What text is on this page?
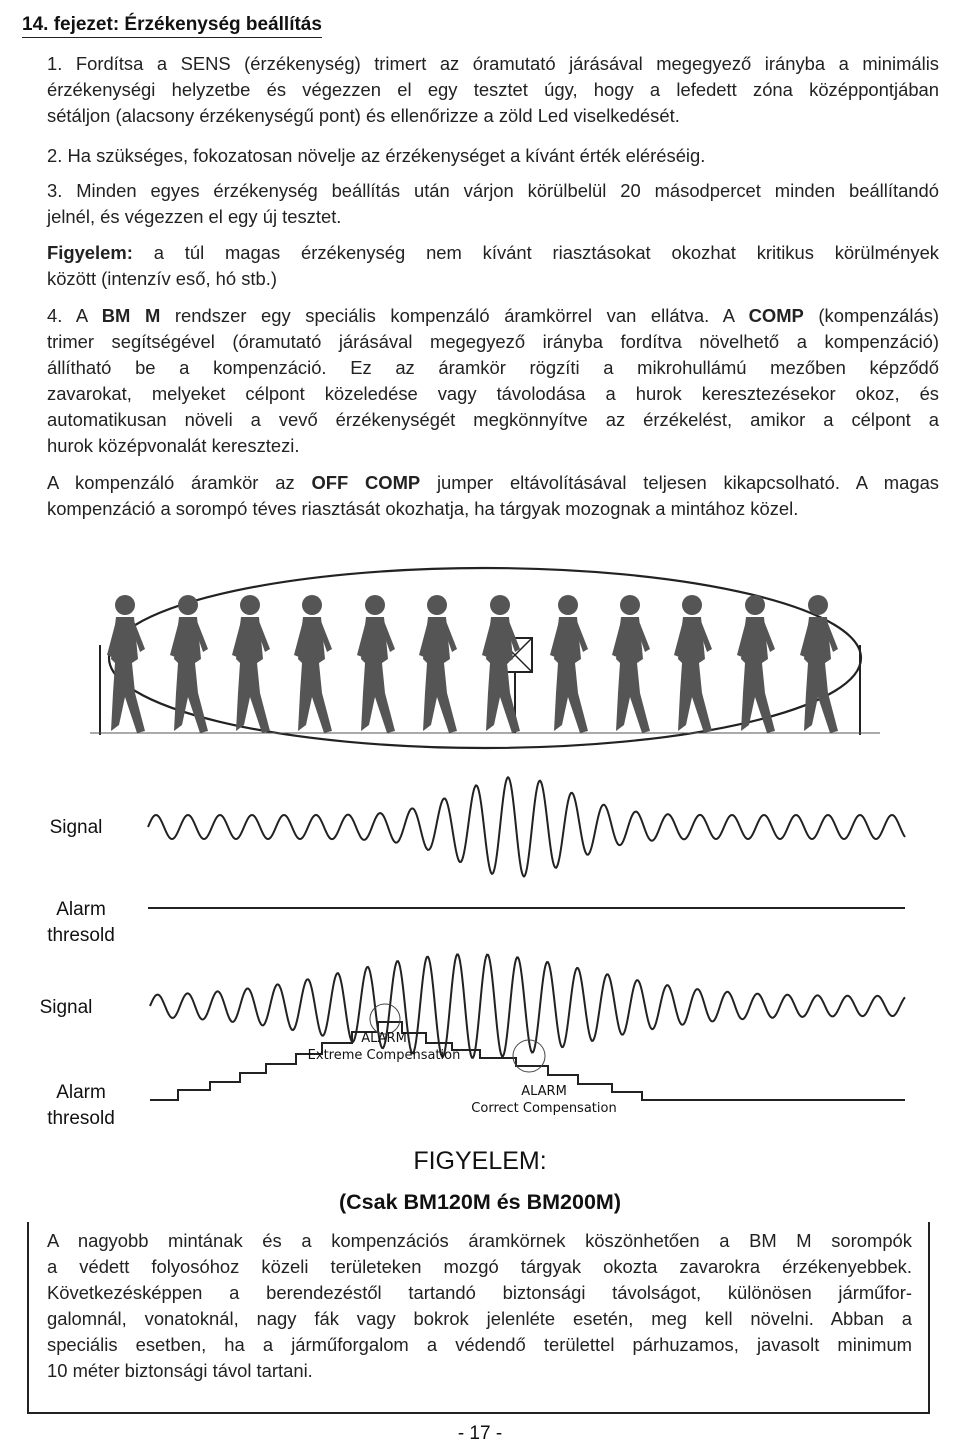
14. fejezet: Érzékenység beállítás
1. Fordítsa a SENS (érzékenység) trimert az óramutató járásával megegyező irányba a minimális
érzékenységi helyzetbe és végezzen el egy tesztet úgy, hogy a lefedett zóna középpontjában
sétáljon (alacsony érzékenységű pont) és ellenőrizze a zöld Led viselkedését.
2. Ha szükséges, fokozatosan növelje az érzékenységet a kívánt érték eléréséig.
3. Minden egyes érzékenység beállítás után várjon körülbelül 20 másodpercet minden beállítandó
jelnél, és végezzen el egy új tesztet.
Figyelem: a túl magas érzékenység nem kívánt riasztásokat okozhat kritikus körülmények
között (intenzív eső, hó stb.)
4. A BM M rendszer egy speciális kompenzáló áramkörrel van ellátva. A COMP (kompenzálás)
trimer segítségével (óramutató járásával megegyező irányba fordítva növelhető a kompenzáció)
állítható be a kompenzáció. Ez az áramkör rögzíti a mikrohullámú mezőben képződő
zavarokat, melyeket célpont közeledése vagy távolodása a hurok keresztezésekor okoz, és
automatikusan növeli a vevő érzékenységét megkönnyítve az érzékelést, amikor a célpont a
hurok középvonalát keresztezi.
A kompenzáló áramkör az OFF COMP jumper eltávolításával teljesen kikapcsolható. A magas
kompenzáció a sorompó téves riasztását okozhatja, ha tárgyak mozognak a mintához közel.
Signal
Alarm
thresold
Signal
Alarm
thresold
ALARM
Extreme Compensation
ALARM
Correct Compensation
FIGYELEM:
(Csak BM120M és BM200M)
A nagyobb mintának és a kompenzációs áramkörnek köszönhetően a BM M sorompók
a védett folyosóhoz közeli területeken mozgó tárgyak okozta zavarokra érzékenyebbek.
Következésképpen a berendezéstől tartandó biztonsági távolságot, különösen járműfor-
galomnál, vonatoknál, nagy fák vagy bokrok jelenléte esetén, meg kell növelni. Abban a
speciális esetben, ha a járműforgalom a védendő területtel párhuzamos, javasolt minimum
10 méter biztonsági távol tartani.
- 17 -
